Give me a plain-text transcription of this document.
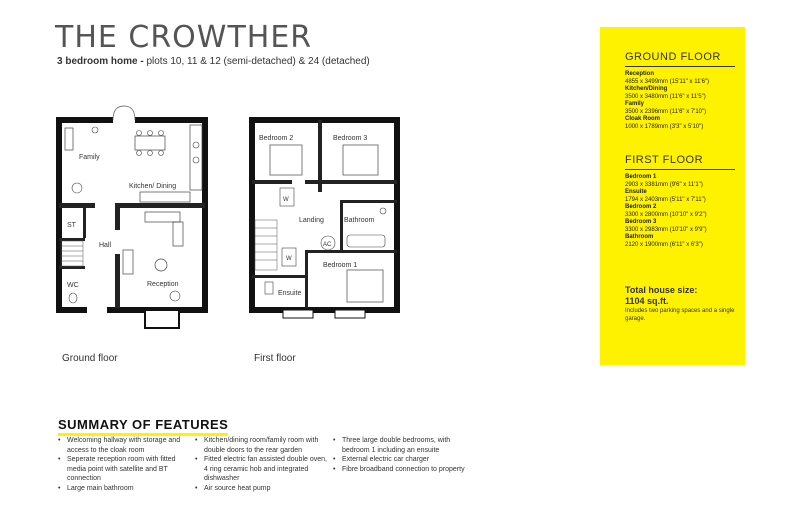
THE CROWTHER
3 bedroom home - plots 10, 11 & 12 (semi-detached) & 24 (detached)
WC
Family
Kitchen/ Dining
ST
Hall
Reception
AC
Bedroom 2	Bedroom 3
Landing	Bathroom
Bedroom 1
Ensuite
W
W
Ground floor	First floor
GROUND FLOOR
Reception
4855 x 3499mm (15'11" x 11'6")
Kitchen/Dining
3500 x 3480mm (11'6" x 11'5")
Family
3500 x 2396mm (11'6" x 7'10")
Cloak Room
1000 x 1789mm (3'3" x 5'10")
FIRST FLOOR
Bedroom 1
2903 x 3381mm (9'6" x 11'1")
Ensuite
1794 x 2403mm (5'11" x 7'11")
Bedroom 2
3300 x 2800mm (10'10" x 9'2")
Bedroom 3
3300 x 2983mm (10'10" x 9'9")
Bathroom
2120 x 1900mm (6'11" x 6'3")
Total house size:
1104 sq.ft.
Includes two parking spaces and a single garage.
SUMMARY OF FEATURES
• Welcoming hallway with storage and access to the cloak room
• Seperate reception room with fitted media point with satellite and BT connection
• Large main bathroom
• Kitchen/dining room/family room with double doors to the rear garden
• Fitted electric fan assisted double oven, 4 ring ceramic hob and integrated dishwasher
• Air source heat pump
• Three large double bedrooms, with bedroom 1 including an ensuite
• External electric car charger
• Fibre broadband connection to property
